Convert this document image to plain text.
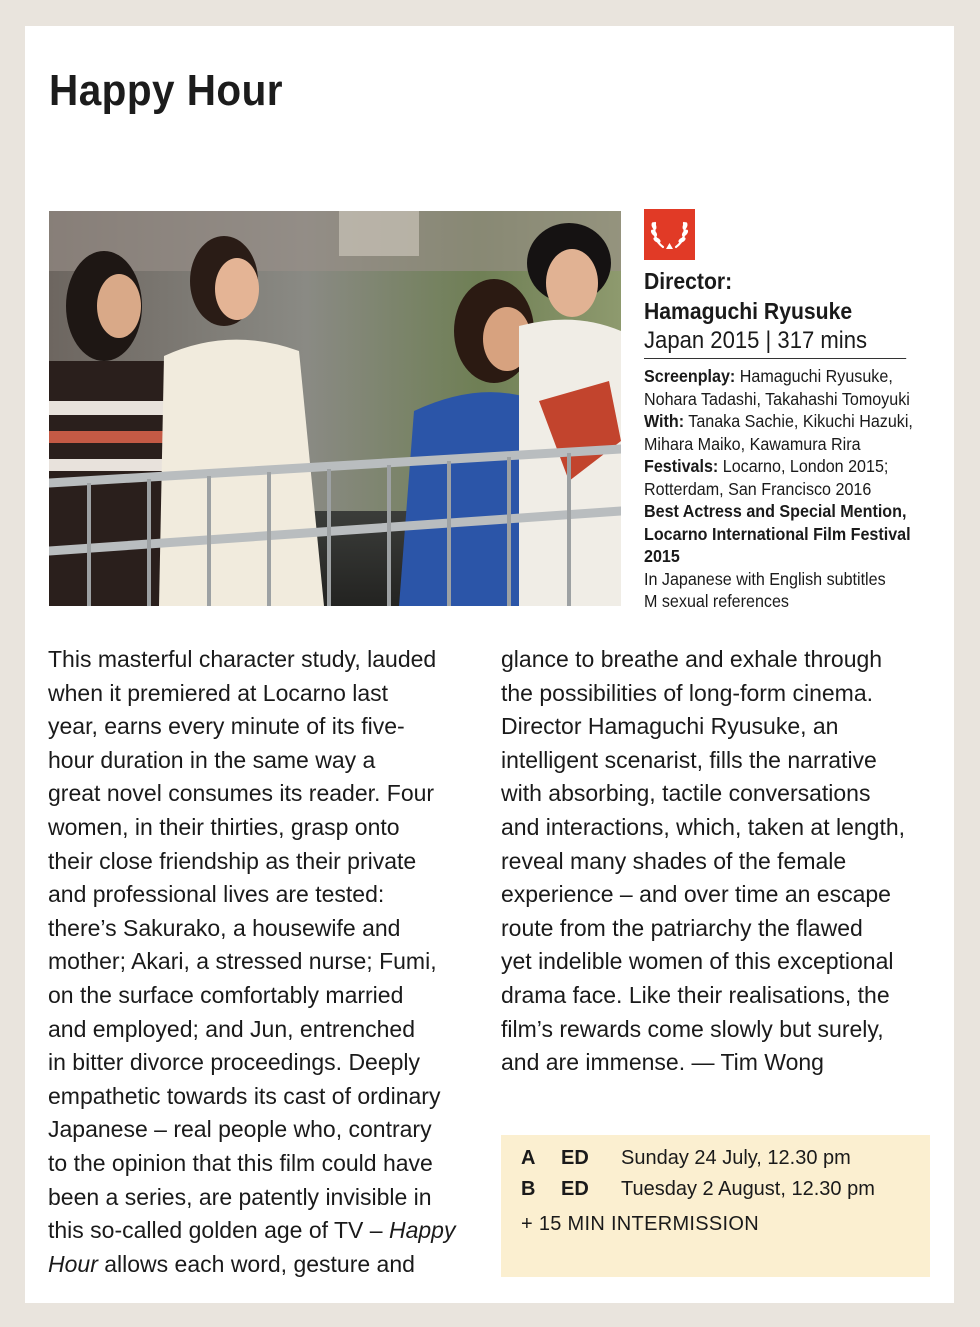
Happy Hour
Director:
Hamaguchi Ryusuke
Japan 2015 | 317 mins
Screenplay: Hamaguchi Ryusuke,
Nohara Tadashi, Takahashi Tomoyuki
With: Tanaka Sachie, Kikuchi Hazuki,
Mihara Maiko, Kawamura Rira
Festivals: Locarno, London 2015;
Rotterdam, San Francisco 2016
Best Actress and Special Mention,
Locarno International Film Festival
2015
In Japanese with English subtitles
M sexual references
This masterful character study, lauded
when it premiered at Locarno last
year, earns every minute of its five-
hour duration in the same way a
great novel consumes its reader. Four
women, in their thirties, grasp onto
their close friendship as their private
and professional lives are tested:
there’s Sakurako, a housewife and
mother; Akari, a stressed nurse; Fumi,
on the surface comfortably married
and employed; and Jun, entrenched
in bitter divorce proceedings. Deeply
empathetic towards its cast of ordinary
Japanese – real people who, contrary
to the opinion that this film could have
been a series, are patently invisible in
this so-called golden age of TV – Happy
Hour allows each word, gesture and
glance to breathe and exhale through
the possibilities of long-form cinema.
Director Hamaguchi Ryusuke, an
intelligent scenarist, fills the narrative
with absorbing, tactile conversations
and interactions, which, taken at length,
reveal many shades of the female
experience – and over time an escape
route from the patriarchy the flawed
yet indelible women of this exceptional
drama face. Like their realisations, the
film’s rewards come slowly but surely,
and are immense. — Tim Wong
A ED Sunday 24 July, 12.30 pm
B ED Tuesday 2 August, 12.30 pm
+ 15 MIN INTERMISSION
